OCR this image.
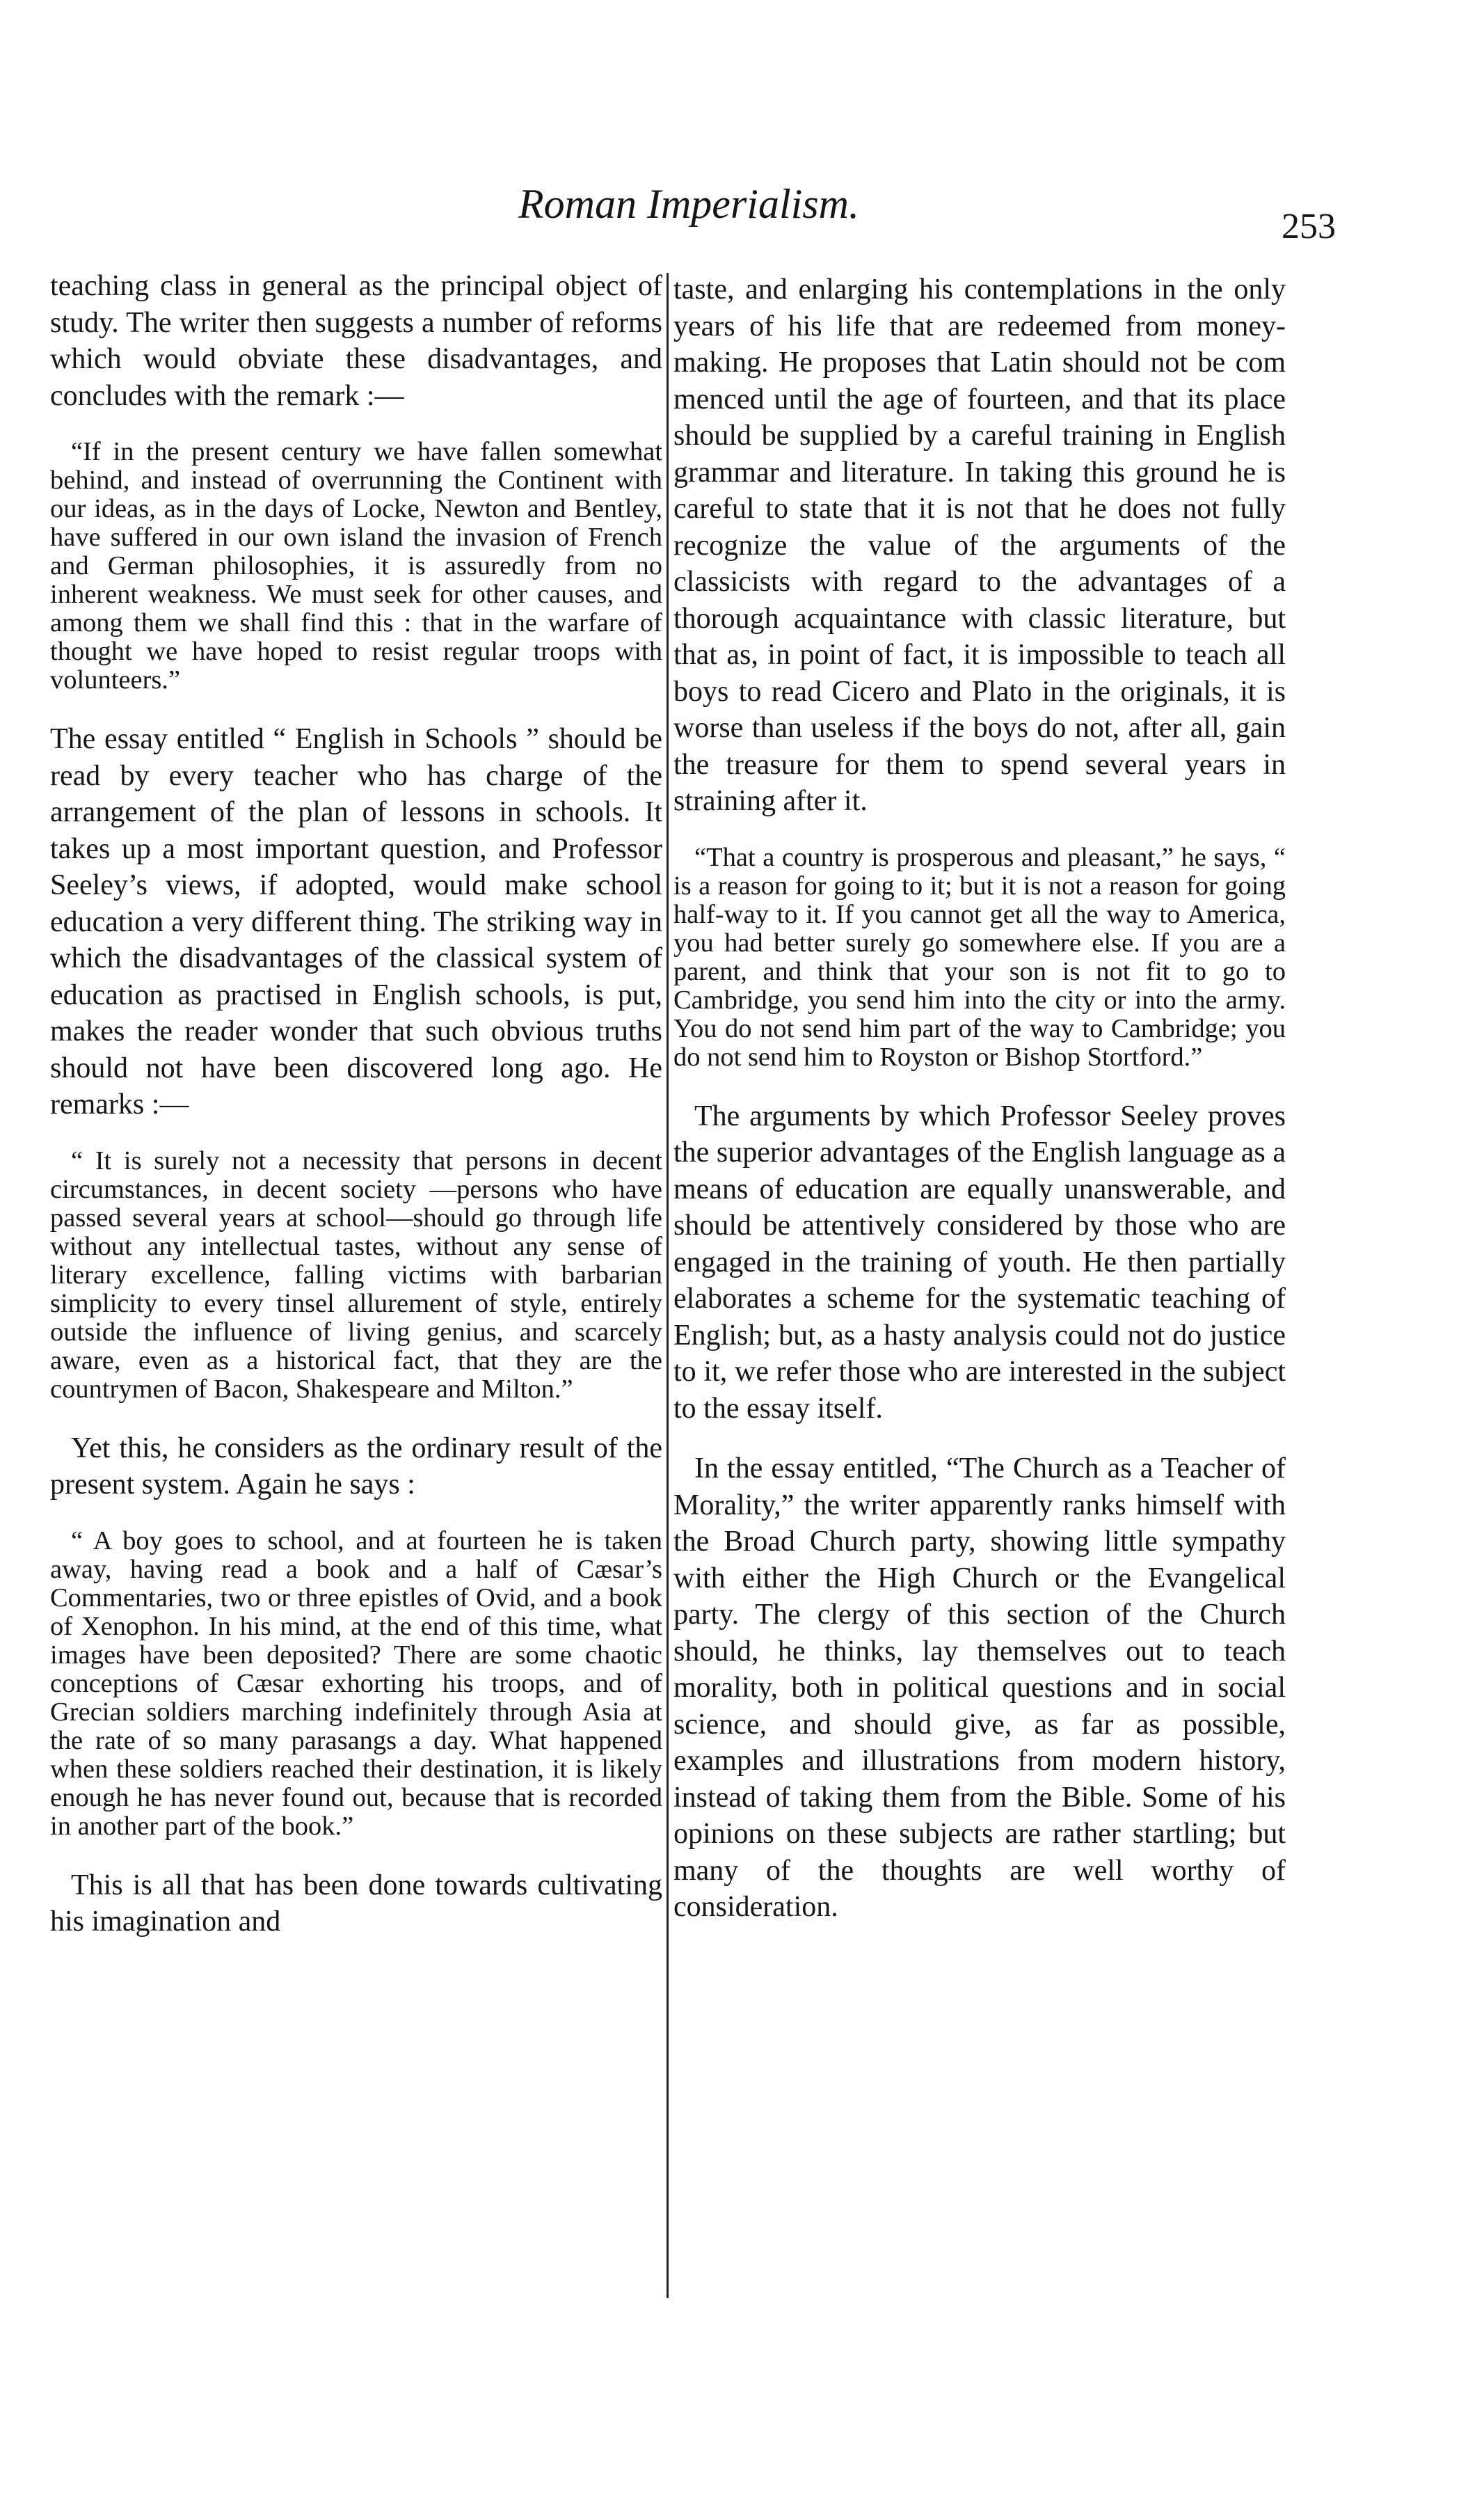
Roman Imperialism.	253

teaching class in general as the principal object of study. The writer then suggests a number of reforms which would obviate these disadvantages, and concludes with the remark :—

“If in the present century we have fallen somewhat behind, and instead of overrunning the Continent with our ideas, as in the days of Locke, Newton and Bentley, have suffered in our own island the invasion of French and German philosophies, it is assuredly from no inherent weakness. We must seek for other causes, and among them we shall find this : that in the warfare of thought we have hoped to resist regular troops with volunteers.”

The essay entitled “ English in Schools ” should be read by every teacher who has charge of the arrangement of the plan of lessons in schools. It takes up a most important question, and Professor Seeley’s views, if adopted, would make school education a very different thing. The striking way in which the disadvantages of the classical system of education as practised in English schools, is put, makes the reader wonder that such obvious truths should not have been discovered long ago. He remarks :—

“ It is surely not a necessity that persons in decent circumstances, in decent society —persons who have passed several years at school—should go through life without any intellectual tastes, without any sense of literary excellence, falling victims with barbarian simplicity to every tinsel allurement of style, entirely outside the influence of living genius, and scarcely aware, even as a historical fact, that they are the countrymen of Bacon, Shakespeare and Milton.”

Yet this, he considers as the ordinary result of the present system. Again he says :

“ A boy goes to school, and at fourteen he is taken away, having read a book and a half of Cæsar’s Commentaries, two or three epistles of Ovid, and a book of Xenophon. In his mind, at the end of this time, what images have been deposited? There are some chaotic conceptions of Cæsar exhorting his troops, and of Grecian soldiers marching indefinitely through Asia at the rate of so many parasangs a day. What happened when these soldiers reached their destination, it is likely enough he has never found out, because that is recorded in another part of the book.”

This is all that has been done towards cultivating his imagination and

taste, and enlarging his contemplations in the only years of his life that are redeemed from money-making. He proposes that Latin should not be com menced until the age of fourteen, and that its place should be supplied by a careful training in English grammar and literature. In taking this ground he is careful to state that it is not that he does not fully recognize the value of the arguments of the classicists with regard to the advantages of a thorough acquaintance with classic literature, but that as, in point of fact, it is impossible to teach all boys to read Cicero and Plato in the originals, it is worse than useless if the boys do not, after all, gain the treasure for them to spend several years in straining after it.

“That a country is prosperous and pleasant,” he says, “ is a reason for going to it; but it is not a reason for going half-way to it. If you cannot get all the way to America, you had better surely go somewhere else. If you are a parent, and think that your son is not fit to go to Cambridge, you send him into the city or into the army. You do not send him part of the way to Cambridge; you do not send him to Royston or Bishop Stortford.”

The arguments by which Professor Seeley proves the superior advantages of the English language as a means of education are equally unanswerable, and should be attentively considered by those who are engaged in the training of youth. He then partially elaborates a scheme for the systematic teaching of English; but, as a hasty analysis could not do justice to it, we refer those who are interested in the subject to the essay itself.

In the essay entitled, “The Church as a Teacher of Morality,” the writer apparently ranks himself with the Broad Church party, showing little sympathy with either the High Church or the Evangelical party. The clergy of this section of the Church should, he thinks, lay themselves out to teach morality, both in political questions and in social science, and should give, as far as possible, examples and illustrations from modern history, instead of taking them from the Bible. Some of his opinions on these subjects are rather startling; but many of the thoughts are well worthy of consideration.
